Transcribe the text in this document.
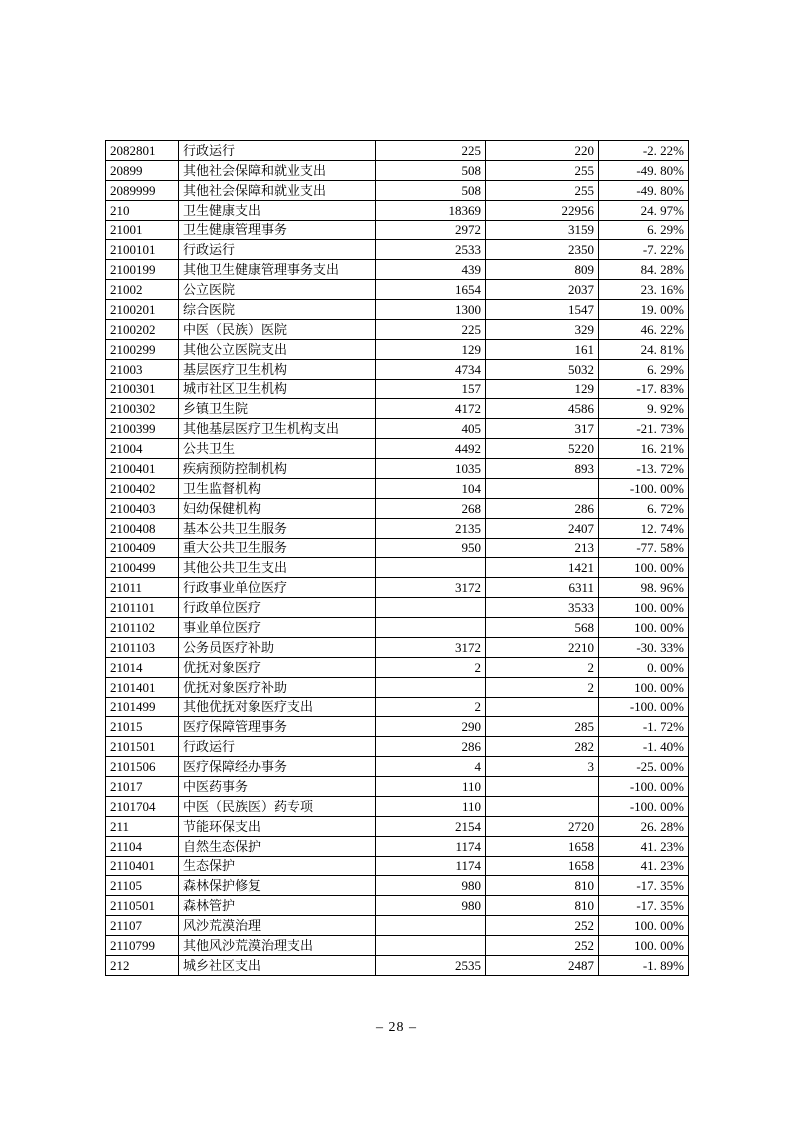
2082801	行政运行	225	220	-2. 22%
20899	其他社会保障和就业支出	508	255	-49. 80%
2089999	其他社会保障和就业支出	508	255	-49. 80%
210	卫生健康支出	18369	22956	24. 97%
21001	卫生健康管理事务	2972	3159	6. 29%
2100101	行政运行	2533	2350	-7. 22%
2100199	其他卫生健康管理事务支出	439	809	84. 28%
21002	公立医院	1654	2037	23. 16%
2100201	综合医院	1300	1547	19. 00%
2100202	中医（民族）医院	225	329	46. 22%
2100299	其他公立医院支出	129	161	24. 81%
21003	基层医疗卫生机构	4734	5032	6. 29%
2100301	城市社区卫生机构	157	129	-17. 83%
2100302	乡镇卫生院	4172	4586	9. 92%
2100399	其他基层医疗卫生机构支出	405	317	-21. 73%
21004	公共卫生	4492	5220	16. 21%
2100401	疾病预防控制机构	1035	893	-13. 72%
2100402	卫生监督机构	104		-100. 00%
2100403	妇幼保健机构	268	286	6. 72%
2100408	基本公共卫生服务	2135	2407	12. 74%
2100409	重大公共卫生服务	950	213	-77. 58%
2100499	其他公共卫生支出		1421	100. 00%
21011	行政事业单位医疗	3172	6311	98. 96%
2101101	行政单位医疗		3533	100. 00%
2101102	事业单位医疗		568	100. 00%
2101103	公务员医疗补助	3172	2210	-30. 33%
21014	优抚对象医疗	2	2	0. 00%
2101401	优抚对象医疗补助		2	100. 00%
2101499	其他优抚对象医疗支出	2		-100. 00%
21015	医疗保障管理事务	290	285	-1. 72%
2101501	行政运行	286	282	-1. 40%
2101506	医疗保障经办事务	4	3	-25. 00%
21017	中医药事务	110		-100. 00%
2101704	中医（民族医）药专项	110		-100. 00%
211	节能环保支出	2154	2720	26. 28%
21104	自然生态保护	1174	1658	41. 23%
2110401	生态保护	1174	1658	41. 23%
21105	森林保护修复	980	810	-17. 35%
2110501	森林管护	980	810	-17. 35%
21107	风沙荒漠治理		252	100. 00%
2110799	其他风沙荒漠治理支出		252	100. 00%
212	城乡社区支出	2535	2487	-1. 89%
– 28 –
